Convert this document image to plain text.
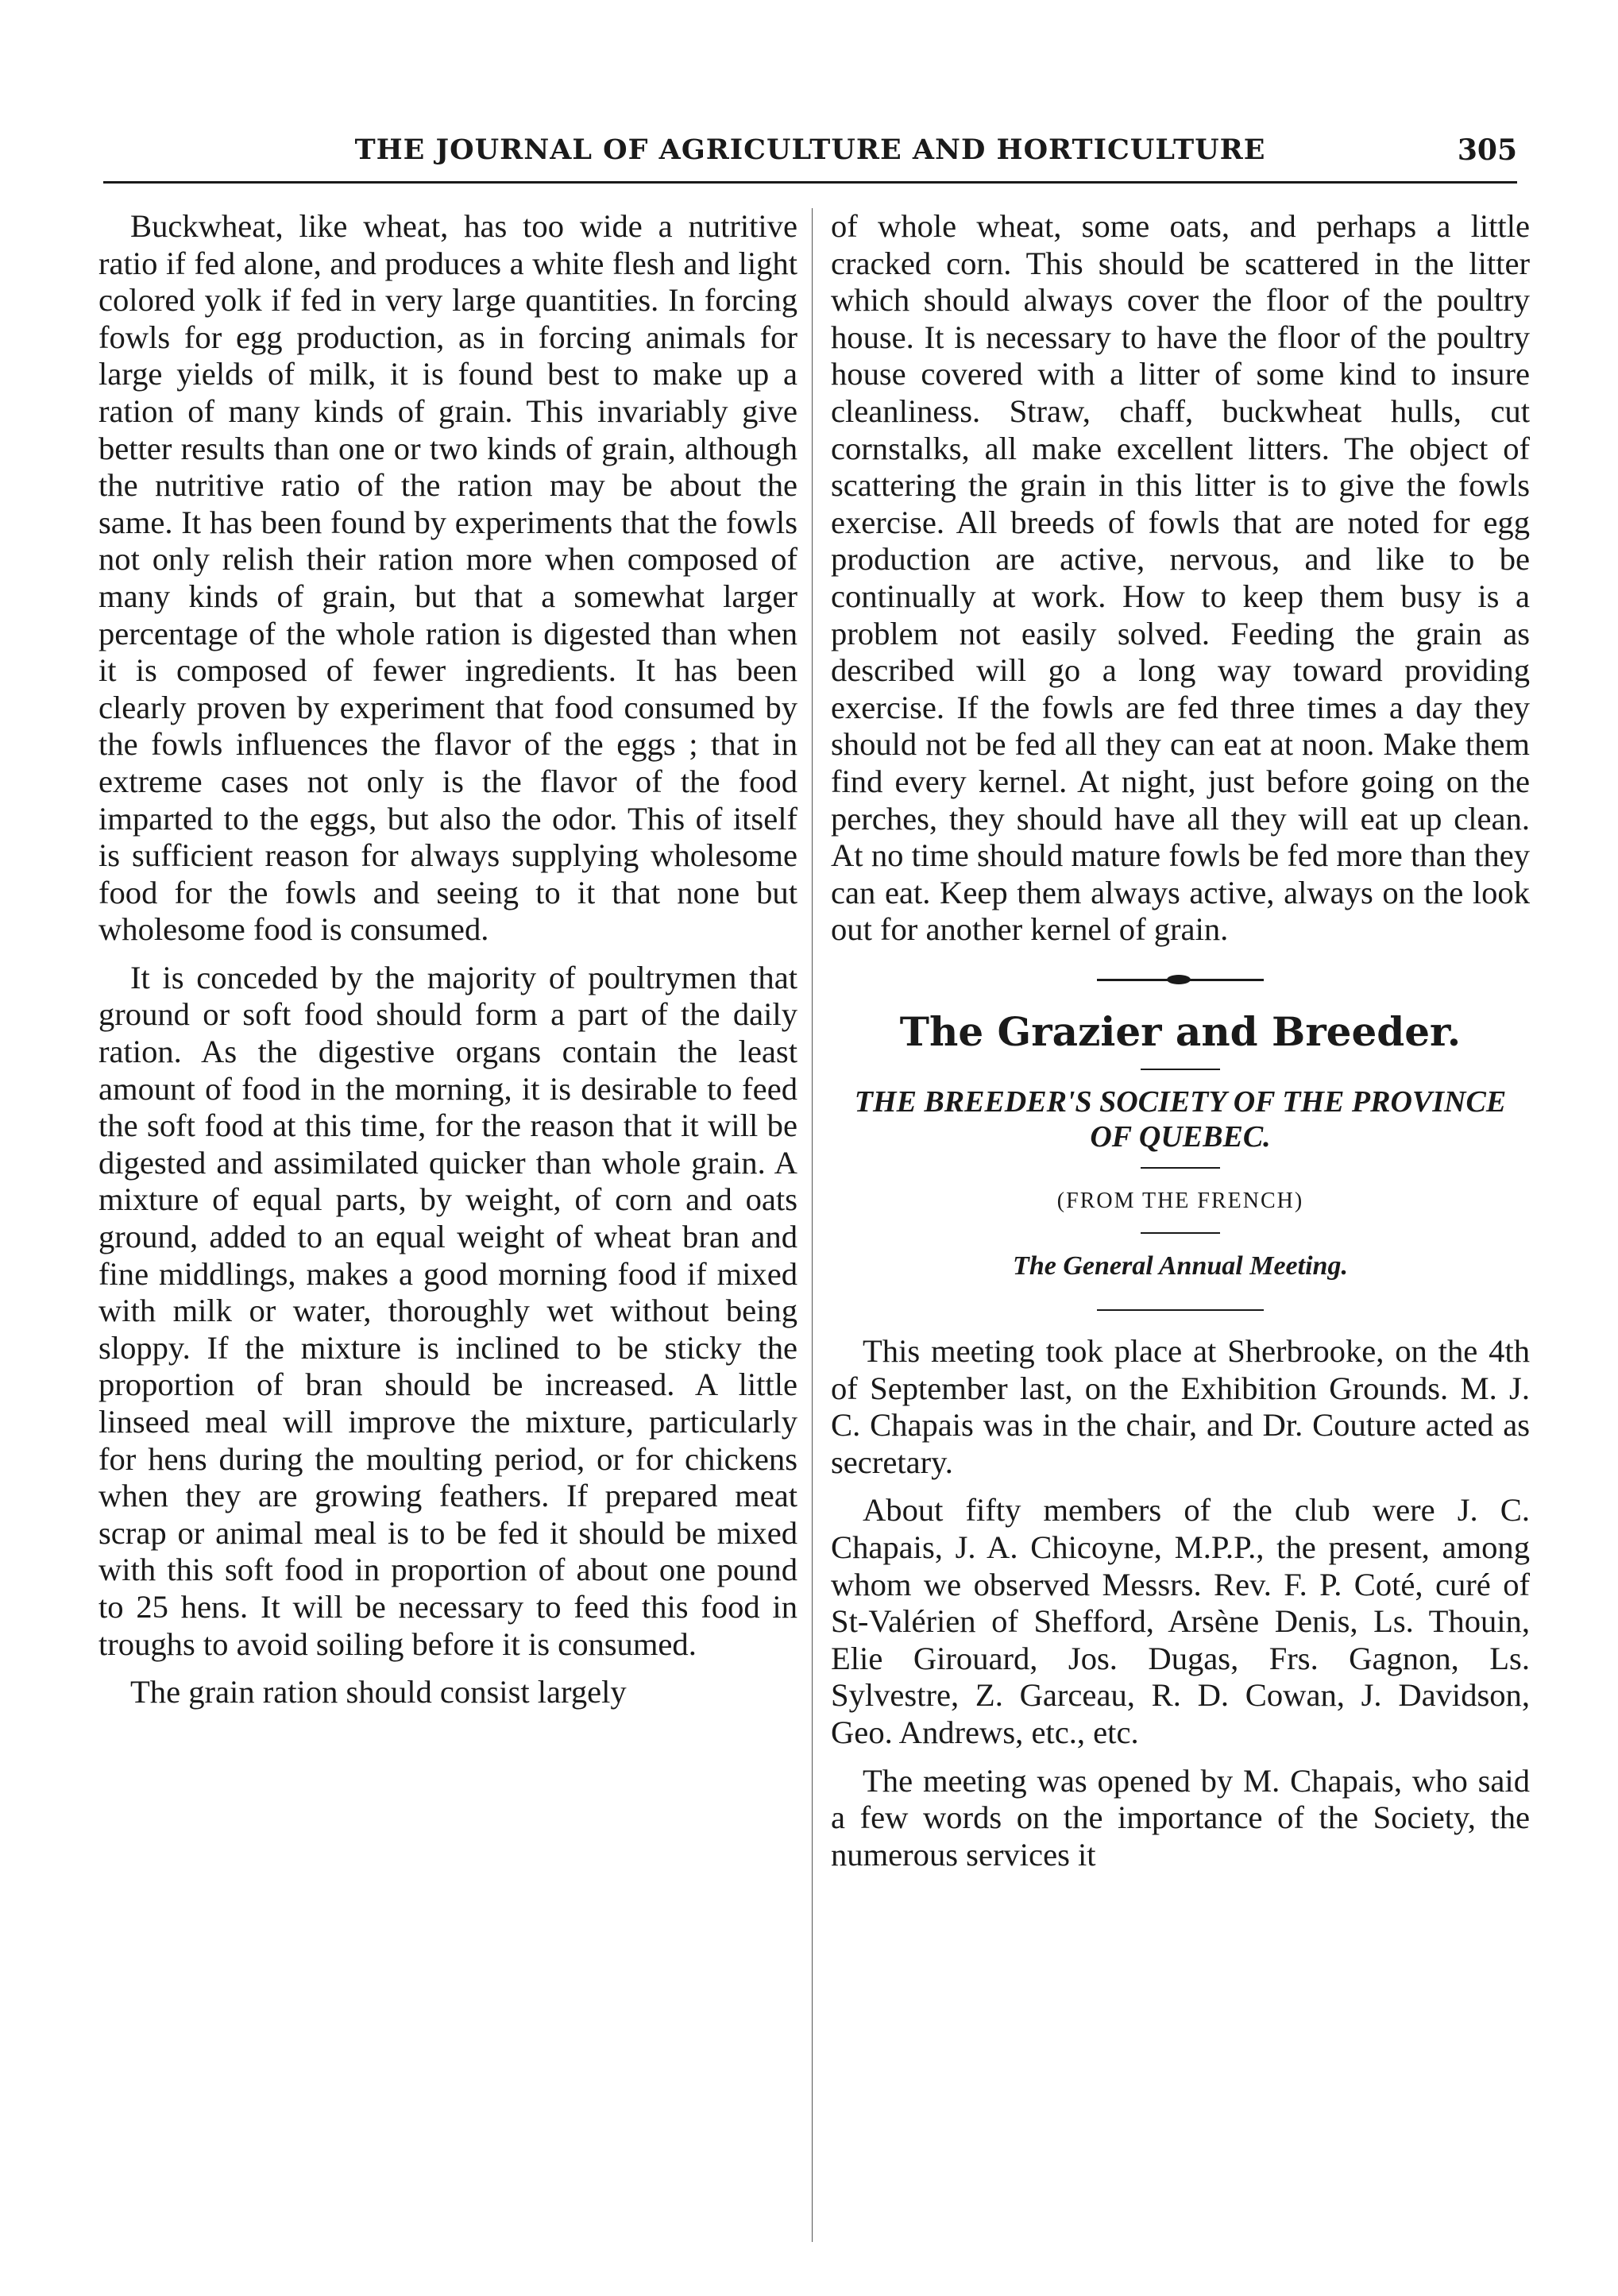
THE JOURNAL OF AGRICULTURE AND HORTICULTURE	305

Buckwheat, like wheat, has too wide a nutritive ratio if fed alone, and produces a white flesh and light colored yolk if fed in very large quantities. In forcing fowls for egg production, as in forcing animals for large yields of milk, it is found best to make up a ration of many kinds of grain. This invariably give better results than one or two kinds of grain, although the nutritive ratio of the ration may be about the same. It has been found by experiments that the fowls not only relish their ration more when composed of many kinds of grain, but that a somewhat larger percentage of the whole ration is digested than when it is composed of fewer ingredients. It has been clearly proven by experiment that food consumed by the fowls influences the flavor of the eggs ; that in extreme cases not only is the flavor of the food imparted to the eggs, but also the odor. This of itself is sufficient reason for always supplying wholesome food for the fowls and seeing to it that none but wholesome food is consumed.

It is conceded by the majority of poultrymen that ground or soft food should form a part of the daily ration. As the digestive organs contain the least amount of food in the morning, it is desirable to feed the soft food at this time, for the reason that it will be digested and assimilated quicker than whole grain. A mixture of equal parts, by weight, of corn and oats ground, added to an equal weight of wheat bran and fine middlings, makes a good morning food if mixed with milk or water, thoroughly wet without being sloppy. If the mixture is inclined to be sticky the proportion of bran should be increased. A little linseed meal will improve the mixture, particularly for hens during the moulting period, or for chickens when they are growing feathers. If prepared meat scrap or animal meal is to be fed it should be mixed with this soft food in proportion of about one pound to 25 hens. It will be necessary to feed this food in troughs to avoid soiling before it is consumed.

The grain ration should consist largely

of whole wheat, some oats, and perhaps a little cracked corn. This should be scattered in the litter which should always cover the floor of the poultry house. It is necessary to have the floor of the poultry house covered with a litter of some kind to insure cleanliness. Straw, chaff, buckwheat hulls, cut cornstalks, all make excellent litters. The object of scattering the grain in this litter is to give the fowls exercise. All breeds of fowls that are noted for egg production are active, nervous, and like to be continually at work. How to keep them busy is a problem not easily solved. Feeding the grain as described will go a long way toward providing exercise. If the fowls are fed three times a day they should not be fed all they can eat at noon. Make them find every kernel. At night, just before going on the perches, they should have all they will eat up clean. At no time should mature fowls be fed more than they can eat. Keep them always active, always on the look out for another kernel of grain.

The Grazier and Breeder.
THE BREEDER'S SOCIETY OF THE PROVINCE OF QUEBEC.
(FROM THE FRENCH)
The General Annual Meeting.

This meeting took place at Sherbrooke, on the 4th of September last, on the Exhibition Grounds. M. J. C. Chapais was in the chair, and Dr. Couture acted as secretary.

About fifty members of the club were J. C. Chapais, J. A. Chicoyne, M.P.P., the present, among whom we observed Messrs. Rev. F. P. Coté, curé of St-Valérien of Shefford, Arsène Denis, Ls. Thouin, Elie Girouard, Jos. Dugas, Frs. Gagnon, Ls. Sylvestre, Z. Garceau, R. D. Cowan, J. Davidson, Geo. Andrews, etc., etc.

The meeting was opened by M. Chapais, who said a few words on the importance of the Society, the numerous services it
